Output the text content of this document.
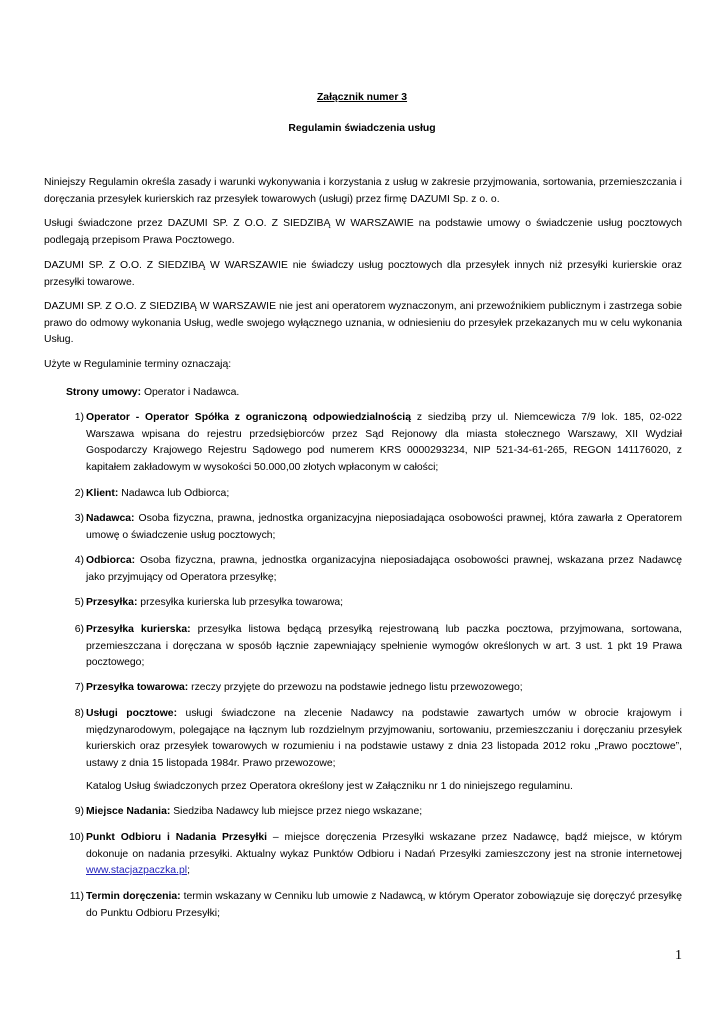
Załącznik numer 3
Regulamin świadczenia usług
Niniejszy Regulamin określa zasady i warunki wykonywania i korzystania z usług w zakresie przyjmowania, sortowania, przemieszczania i doręczania przesyłek kurierskich raz przesyłek towarowych (usługi) przez firmę DAZUMI Sp. z o. o.
Usługi świadczone przez DAZUMI SP. Z O.O. Z SIEDZIBĄ W WARSZAWIE na podstawie umowy o świadczenie usług pocztowych podlegają przepisom Prawa Pocztowego.
DAZUMI SP. Z O.O. Z SIEDZIBĄ W WARSZAWIE nie świadczy usług pocztowych dla przesyłek innych niż przesyłki kurierskie oraz przesyłki towarowe.
DAZUMI SP. Z O.O. Z SIEDZIBĄ W WARSZAWIE nie jest ani operatorem wyznaczonym, ani przewoźnikiem publicznym i zastrzega sobie prawo do odmowy wykonania Usług, wedle swojego wyłącznego uznania, w odniesieniu do przesyłek przekazanych mu w celu wykonania Usług.
Użyte w Regulaminie terminy oznaczają:
Strony umowy: Operator i Nadawca.
1) Operator - Operator Spółka z ograniczoną odpowiedzialnością z siedzibą przy ul. Niemcewicza 7/9 lok. 185, 02-022 Warszawa wpisana do rejestru przedsiębiorców przez Sąd Rejonowy dla miasta stołecznego Warszawy, XII Wydział Gospodarczy Krajowego Rejestru Sądowego pod numerem KRS 0000293234, NIP 521-34-61-265, REGON 141176020, z kapitałem zakładowym w wysokości 50.000,00 złotych wpłaconym w całości;
2) Klient: Nadawca lub Odbiorca;
3) Nadawca: Osoba fizyczna, prawna, jednostka organizacyjna nieposiadająca osobowości prawnej, która zawarła z Operatorem umowę o świadczenie usług pocztowych;
4) Odbiorca: Osoba fizyczna, prawna, jednostka organizacyjna nieposiadająca osobowości prawnej, wskazana przez Nadawcę jako przyjmujący od Operatora przesyłkę;
5) Przesyłka: przesyłka kurierska lub przesyłka towarowa;
6) Przesyłka kurierska: przesyłka listowa będącą przesyłką rejestrowaną lub paczka pocztowa, przyjmowana, sortowana, przemieszczana i doręczana w sposób łącznie zapewniający spełnienie wymogów określonych w art. 3 ust. 1 pkt 19 Prawa pocztowego;
7) Przesyłka towarowa: rzeczy przyjęte do przewozu na podstawie jednego listu przewozowego;
8) Usługi pocztowe: usługi świadczone na zlecenie Nadawcy na podstawie zawartych umów w obrocie krajowym i międzynarodowym, polegające na łącznym lub rozdzielnym przyjmowaniu, sortowaniu, przemieszczaniu i doręczaniu przesyłek kurierskich oraz przesyłek towarowych w rozumieniu i na podstawie ustawy z dnia 23 listopada 2012 roku „Prawo pocztowe”, ustawy z dnia 15 listopada 1984r. Prawo przewozowe;
Katalog Usług świadczonych przez Operatora określony jest w Załączniku nr 1 do niniejszego regulaminu.
9) Miejsce Nadania: Siedziba Nadawcy lub miejsce przez niego wskazane;
10) Punkt Odbioru i Nadania Przesyłki – miejsce doręczenia Przesyłki wskazane przez Nadawcę, bądź miejsce, w którym dokonuje on nadania przesyłki. Aktualny wykaz Punktów Odbioru i Nadań Przesyłki zamieszczony jest na stronie internetowej www.stacjazpaczka.pl;
11) Termin doręczenia: termin wskazany w Cenniku lub umowie z Nadawcą, w którym Operator zobowiązuje się doręczyć przesyłkę do Punktu Odbioru Przesyłki;
1
